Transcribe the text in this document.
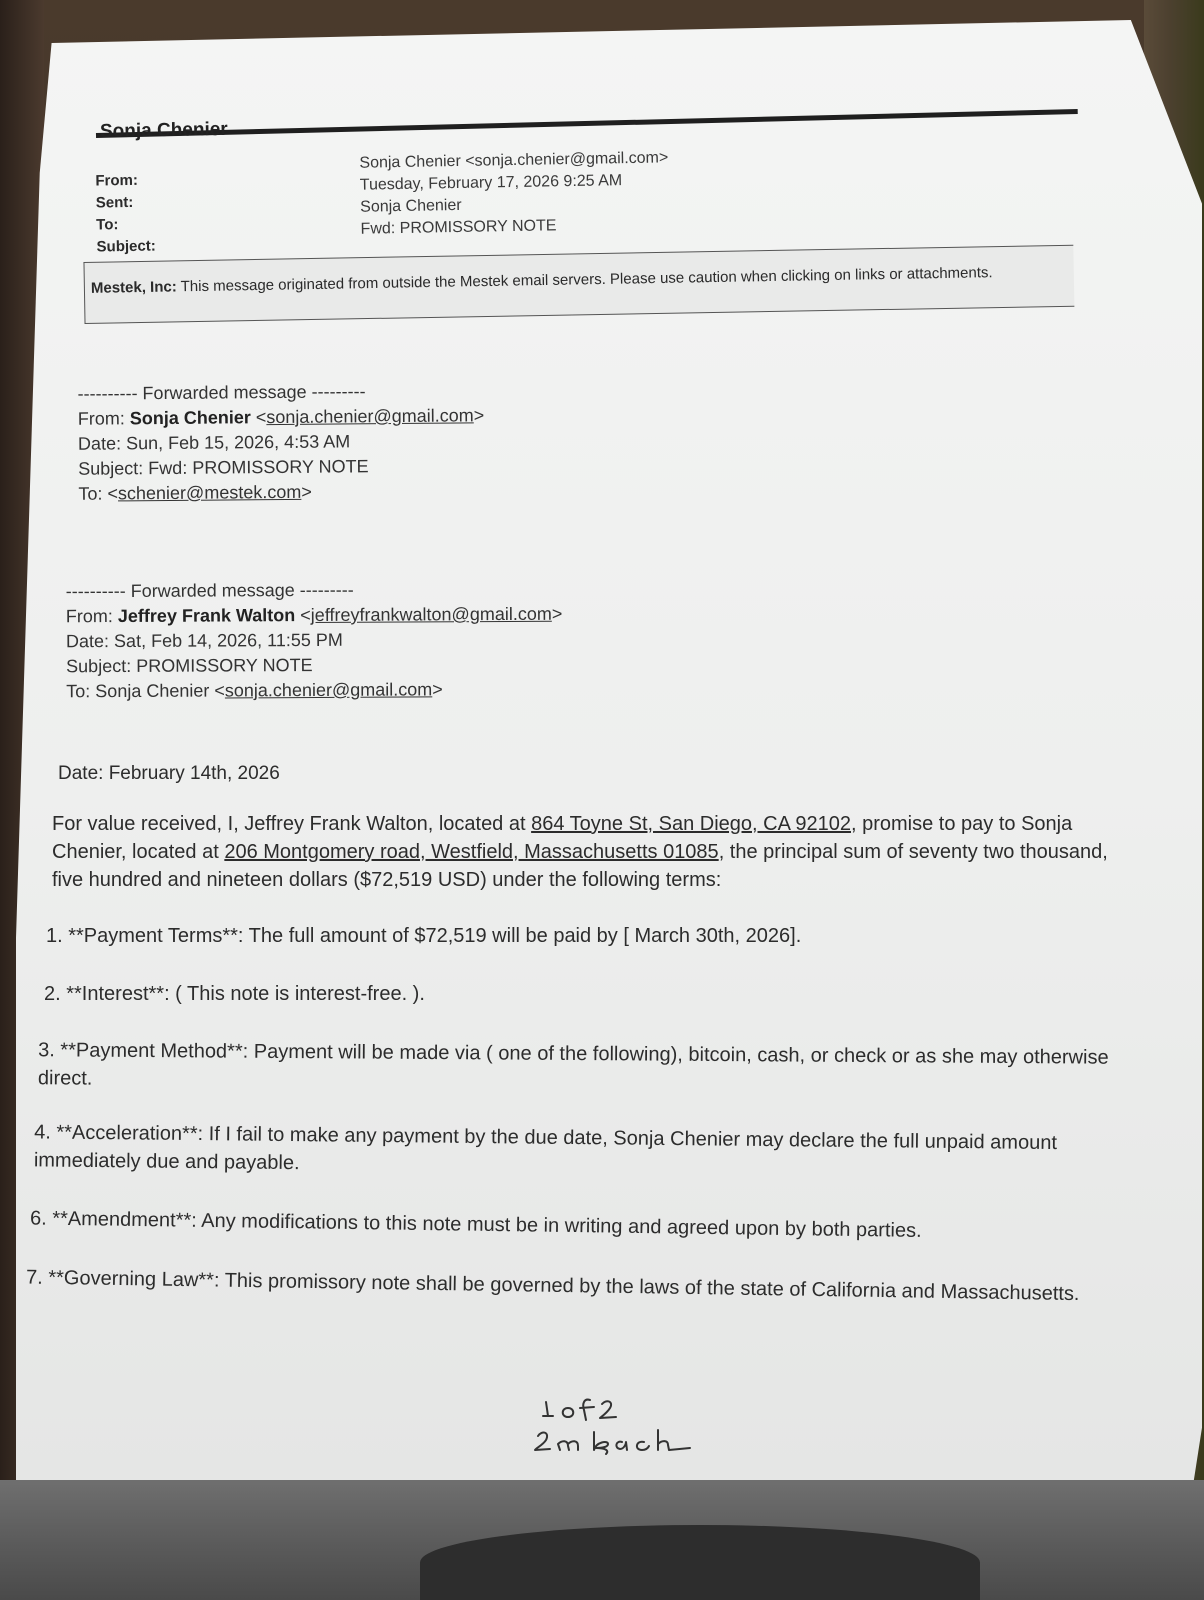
Sonja Chenier
From:
Sent:
To:
Subject:
Sonja Chenier <sonja.chenier@gmail.com>
Tuesday, February 17, 2026 9:25 AM
Sonja Chenier
Fwd: PROMISSORY NOTE
Mestek, Inc: This message originated from outside the Mestek email servers. Please use caution when clicking on links or attachments.
---------- Forwarded message ---------
From: Sonja Chenier <sonja.chenier@gmail.com>
Date: Sun, Feb 15, 2026, 4:53 AM
Subject: Fwd: PROMISSORY NOTE
To: <schenier@mestek.com>
---------- Forwarded message ---------
From: Jeffrey Frank Walton <jeffreyfrankwalton@gmail.com>
Date: Sat, Feb 14, 2026, 11:55 PM
Subject: PROMISSORY NOTE
To: Sonja Chenier <sonja.chenier@gmail.com>
Date: February 14th, 2026
For value received, I, Jeffrey Frank Walton, located at 864 Toyne St, San Diego, CA 92102, promise to pay to Sonja Chenier, located at 206 Montgomery road, Westfield, Massachusetts 01085, the principal sum of seventy two thousand, five hundred and nineteen dollars ($72,519 USD) under the following terms:
1. **Payment Terms**: The full amount of $72,519 will be paid by [ March 30th, 2026].
2. **Interest**: ( This note is interest-free. ).
3. **Payment Method**: Payment will be made via ( one of the following), bitcoin, cash, or check or as she may otherwise direct.
4. **Acceleration**: If I fail to make any payment by the due date, Sonja Chenier may declare the full unpaid amount immediately due and payable.
6. **Amendment**: Any modifications to this note must be in writing and agreed upon by both parties.
7. **Governing Law**: This promissory note shall be governed by the laws of the state of California and Massachusetts.
1 of 2 2 on Back
